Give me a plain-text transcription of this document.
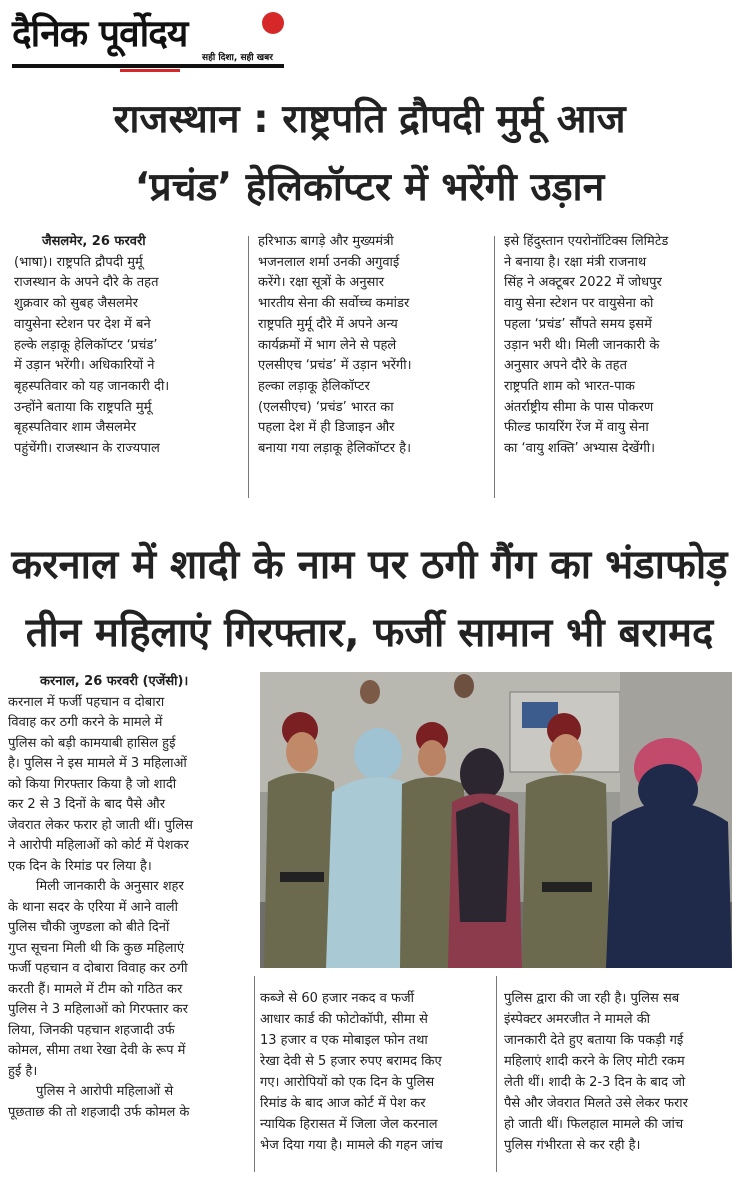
दैनिक पूर्वोदय
सही दिशा, सही खबर
राजस्थान : राष्ट्रपति द्रौपदी मुर्मू आज
‘प्रचंड’ हेलिकॉप्टर में भरेंगी उड़ान
जैसलमेर, 26 फरवरी
(भाषा)। राष्ट्रपति द्रौपदी मुर्मू
राजस्थान के अपने दौरे के तहत
शुक्रवार को सुबह जैसलमेर
वायुसेना स्टेशन पर देश में बने
हल्के लड़ाकू हेलिकॉप्टर ‘प्रचंड’
में उड़ान भरेंगी। अधिकारियों ने
बृहस्पतिवार को यह जानकारी दी।
उन्होंने बताया कि राष्ट्रपति मुर्मू
बृहस्पतिवार शाम जैसलमेर
पहुंचेंगी। राजस्थान के राज्यपाल
हरिभाऊ बागड़े और मुख्यमंत्री
भजनलाल शर्मा उनकी अगुवाई
करेंगे। रक्षा सूत्रों के अनुसार
भारतीय सेना की सर्वोच्च कमांडर
राष्ट्रपति मुर्मू दौरे में अपने अन्य
कार्यक्रमों में भाग लेने से पहले
एलसीएच ‘प्रचंड’ में उड़ान भरेंगी।
हल्का लड़ाकू हेलिकॉप्टर
(एलसीएच) ‘प्रचंड’ भारत का
पहला देश में ही डिजाइन और
बनाया गया लड़ाकू हेलिकॉप्टर है।
इसे हिंदुस्तान एयरोनॉटिक्स लिमिटेड
ने बनाया है। रक्षा मंत्री राजनाथ
सिंह ने अक्टूबर 2022 में जोधपुर
वायु सेना स्टेशन पर वायुसेना को
पहला ‘प्रचंड’ सौंपते समय इसमें
उड़ान भरी थी। मिली जानकारी के
अनुसार अपने दौरे के तहत
राष्ट्रपति शाम को भारत-पाक
अंतर्राष्ट्रीय सीमा के पास पोकरण
फील्ड फायरिंग रेंज में वायु सेना
का ‘वायु शक्ति’ अभ्यास देखेंगी।
करनाल में शादी के नाम पर ठगी गैंग का भंडाफोड़
तीन महिलाएं गिरफ्तार, फर्जी सामान भी बरामद
करनाल, 26 फरवरी (एजेंसी)।
करनाल में फर्जी पहचान व दोबारा
विवाह कर ठगी करने के मामले में
पुलिस को बड़ी कामयाबी हासिल हुई
है। पुलिस ने इस मामले में 3 महिलाओं
को किया गिरफ्तार किया है जो शादी
कर 2 से 3 दिनों के बाद पैसे और
जेवरात लेकर फरार हो जाती थीं। पुलिस
ने आरोपी महिलाओं को कोर्ट में पेशकर
एक दिन के रिमांड पर लिया है।
मिली जानकारी के अनुसार शहर
के थाना सदर के एरिया में आने वाली
पुलिस चौकी जुण्डला को बीते दिनों
गुप्त सूचना मिली थी कि कुछ महिलाएं
फर्जी पहचान व दोबारा विवाह कर ठगी
करती हैं। मामले में टीम को गठित कर
पुलिस ने 3 महिलाओं को गिरफ्तार कर
लिया, जिनकी पहचान शहजादी उर्फ
कोमल, सीमा तथा रेखा देवी के रूप में
हुई है।
पुलिस ने आरोपी महिलाओं से
पूछताछ की तो शहजादी उर्फ कोमल के
कब्जे से 60 हजार नकद व फर्जी
आधार कार्ड की फोटोकॉपी, सीमा से
13 हजार व एक मोबाइल फोन तथा
रेखा देवी से 5 हजार रुपए बरामद किए
गए। आरोपियों को एक दिन के पुलिस
रिमांड के बाद आज कोर्ट में पेश कर
न्यायिक हिरासत में जिला जेल करनाल
भेज दिया गया है। मामले की गहन जांच
पुलिस द्वारा की जा रही है। पुलिस सब
इंस्पेक्टर अमरजीत ने मामले की
जानकारी देते हुए बताया कि पकड़ी गई
महिलाएं शादी करने के लिए मोटी रकम
लेती थीं। शादी के 2-3 दिन के बाद जो
पैसे और जेवरात मिलते उसे लेकर फरार
हो जाती थीं। फिलहाल मामले की जांच
पुलिस गंभीरता से कर रही है।
